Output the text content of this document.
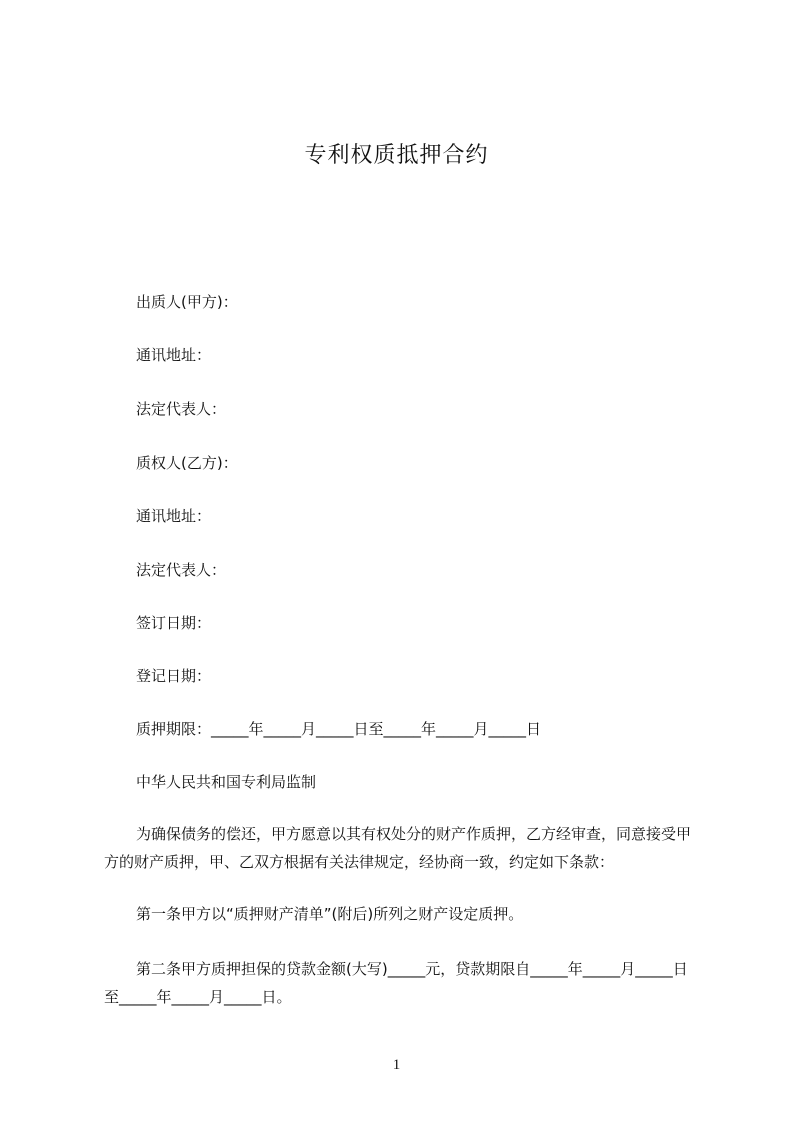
专利权质抵押合约

出质人(甲方)：

通讯地址：

法定代表人：

质权人(乙方)：

通讯地址：

法定代表人：

签订日期：

登记日期：

质押期限：_____年_____月_____日至_____年_____月_____日

中华人民共和国专利局监制

为确保债务的偿还，甲方愿意以其有权处分的财产作质押，乙方经审查，同意接受甲方的财产质押，甲、乙双方根据有关法律规定，经协商一致，约定如下条款：

第一条甲方以“质押财产清单”(附后)所列之财产设定质押。

第二条甲方质押担保的贷款金额(大写)_____元，贷款期限自_____年_____月_____日至_____年_____月_____日。

1
